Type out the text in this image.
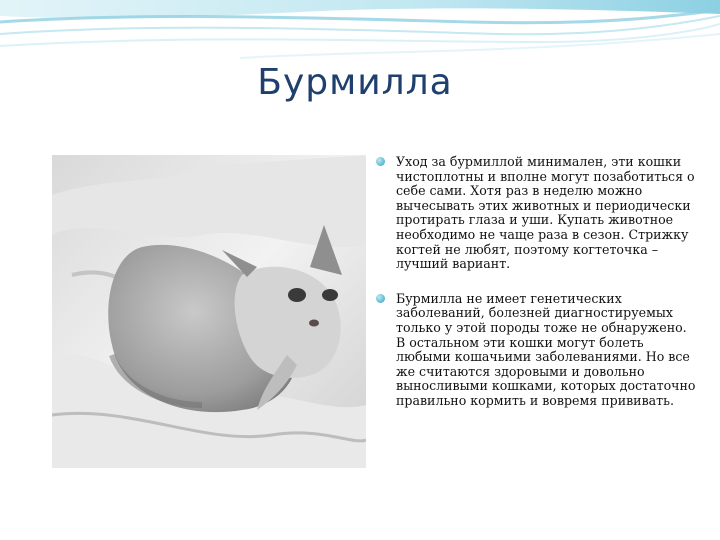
Бурмилла
Уход за бурмиллой минимален, эти кошки чистоплотны и вполне могут позаботиться о себе сами. Хотя раз в неделю можно вычесывать этих животных и периодически протирать глаза и уши. Купать животное необходимо не чаще раза в сезон. Стрижку когтей не любят, поэтому когтеточка – лучший вариант.
Бурмилла не имеет генетических заболеваний, болезней диагностируемых только у этой породы тоже не обнаружено. В остальном эти кошки могут болеть любыми кошачьими заболеваниями. Но все же считаются здоровыми и довольно выносливыми кошками, которых достаточно правильно кормить и вовремя прививать.
